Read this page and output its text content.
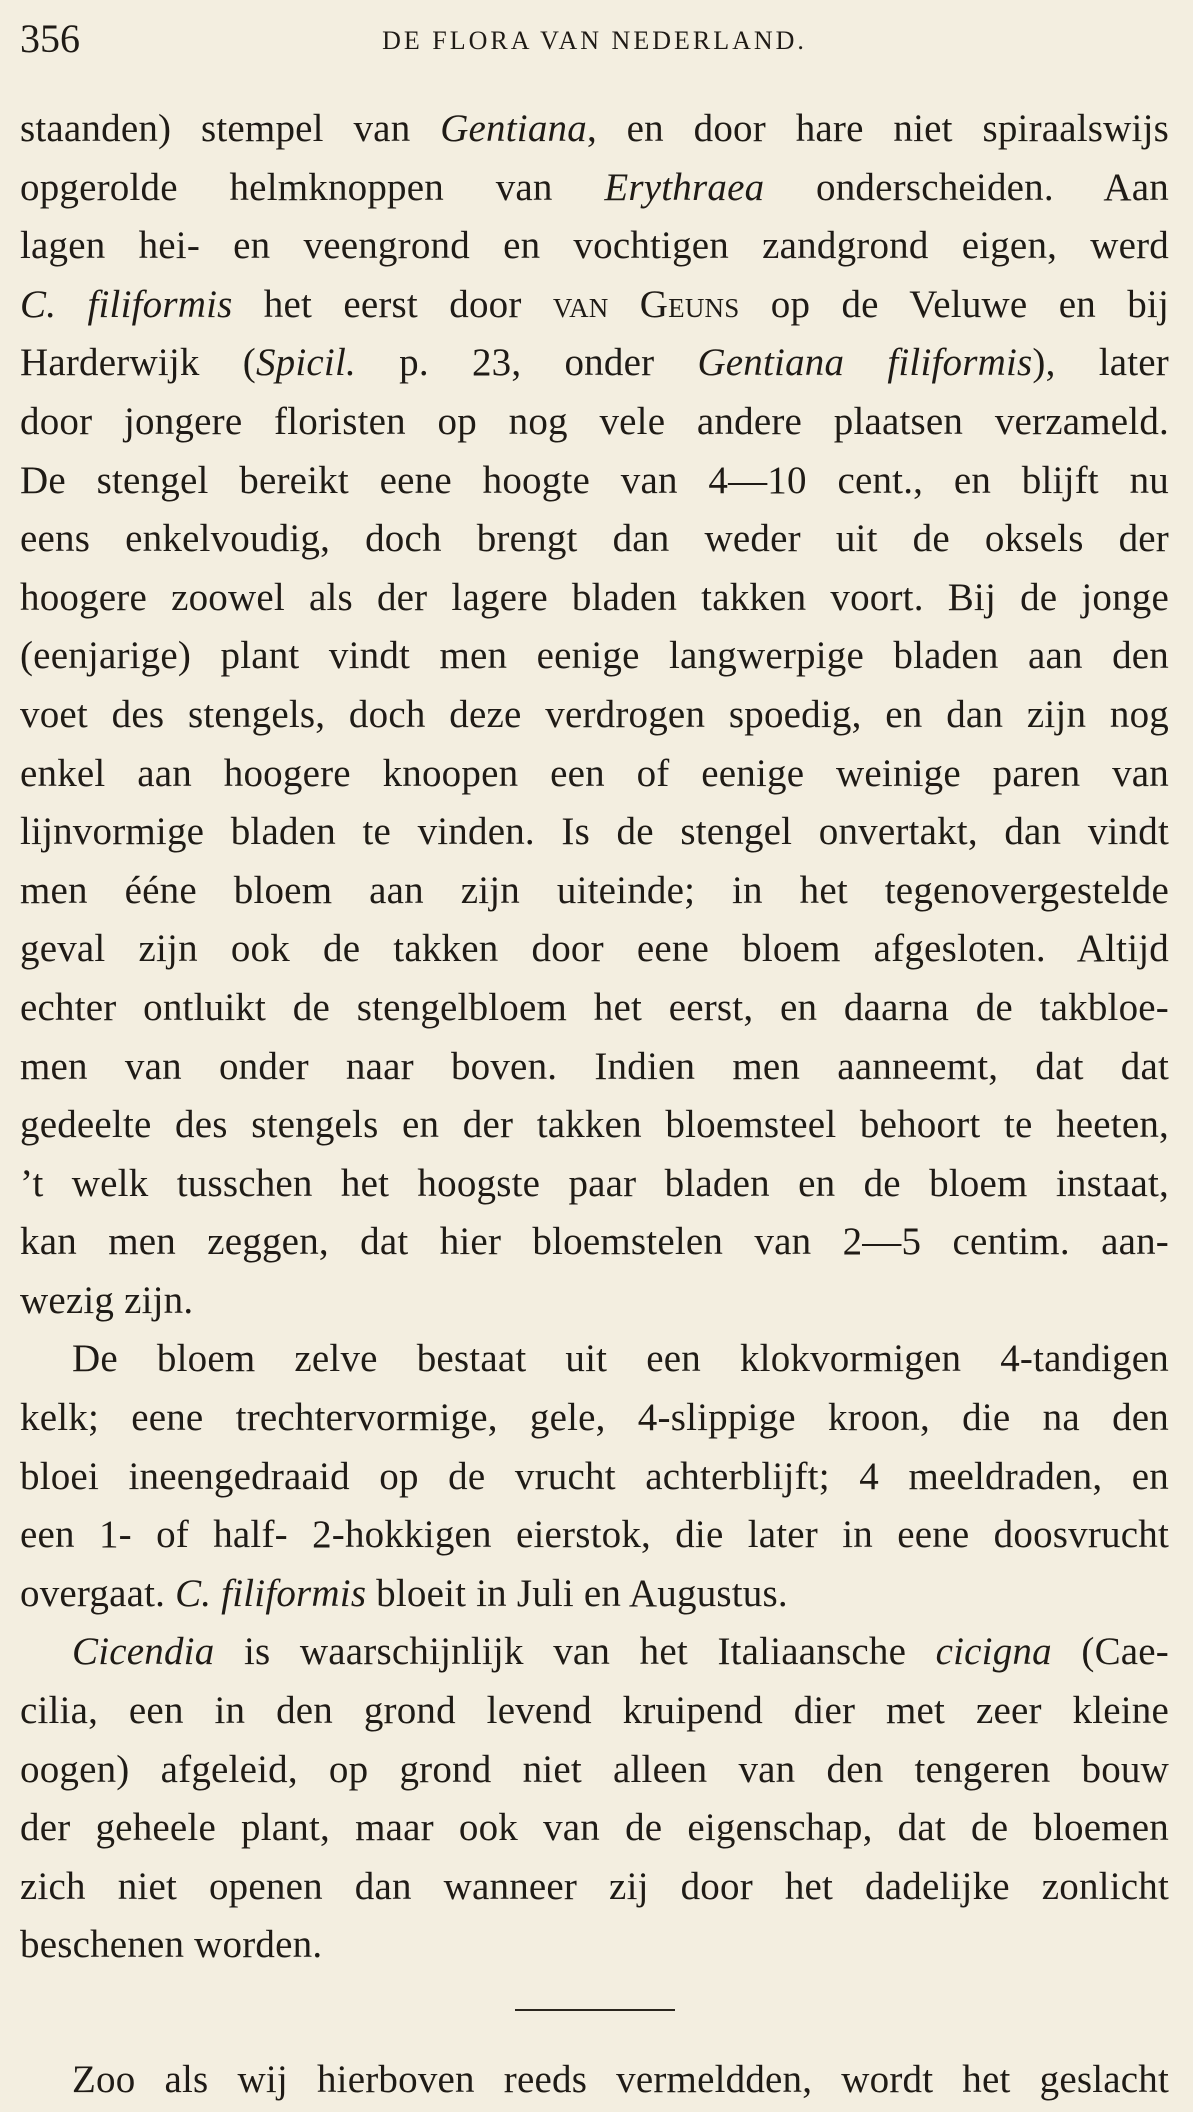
356	DE FLORA VAN NEDERLAND.
staanden) stempel van Gentiana, en door hare niet spiraalswijs
opgerolde helmknoppen van Erythraea onderscheiden. Aan
lagen hei- en veengrond en vochtigen zandgrond eigen, werd
C. filiformis het eerst door van Geuns op de Veluwe en bij
Harderwijk (Spicil. p. 23, onder Gentiana filiformis), later
door jongere floristen op nog vele andere plaatsen verzameld.
De stengel bereikt eene hoogte van 4—10 cent., en blijft nu
eens enkelvoudig, doch brengt dan weder uit de oksels der
hoogere zoowel als der lagere bladen takken voort. Bij de jonge
(eenjarige) plant vindt men eenige langwerpige bladen aan den
voet des stengels, doch deze verdrogen spoedig, en dan zijn nog
enkel aan hoogere knoopen een of eenige weinige paren van
lijnvormige bladen te vinden. Is de stengel onvertakt, dan vindt
men ééne bloem aan zijn uiteinde; in het tegenovergestelde
geval zijn ook de takken door eene bloem afgesloten. Altijd
echter ontluikt de stengelbloem het eerst, en daarna de takbloe-
men van onder naar boven. Indien men aanneemt, dat dat
gedeelte des stengels en der takken bloemsteel behoort te heeten,
’t welk tusschen het hoogste paar bladen en de bloem instaat,
kan men zeggen, dat hier bloemstelen van 2—5 centim. aan-
wezig zijn.
De bloem zelve bestaat uit een klokvormigen 4-tandigen
kelk; eene trechtervormige, gele, 4-slippige kroon, die na den
bloei ineengedraaid op de vrucht achterblijft; 4 meeldraden, en
een 1- of half- 2-hokkigen eierstok, die later in eene doosvrucht
overgaat. C. filiformis bloeit in Juli en Augustus.
Cicendia is waarschijnlijk van het Italiaansche cicigna (Cae-
cilia, een in den grond levend kruipend dier met zeer kleine
oogen) afgeleid, op grond niet alleen van den tengeren bouw
der geheele plant, maar ook van de eigenschap, dat de bloemen
zich niet openen dan wanneer zij door het dadelijke zonlicht
beschenen worden.
Zoo als wij hierboven reeds vermeldden, wordt het geslacht
